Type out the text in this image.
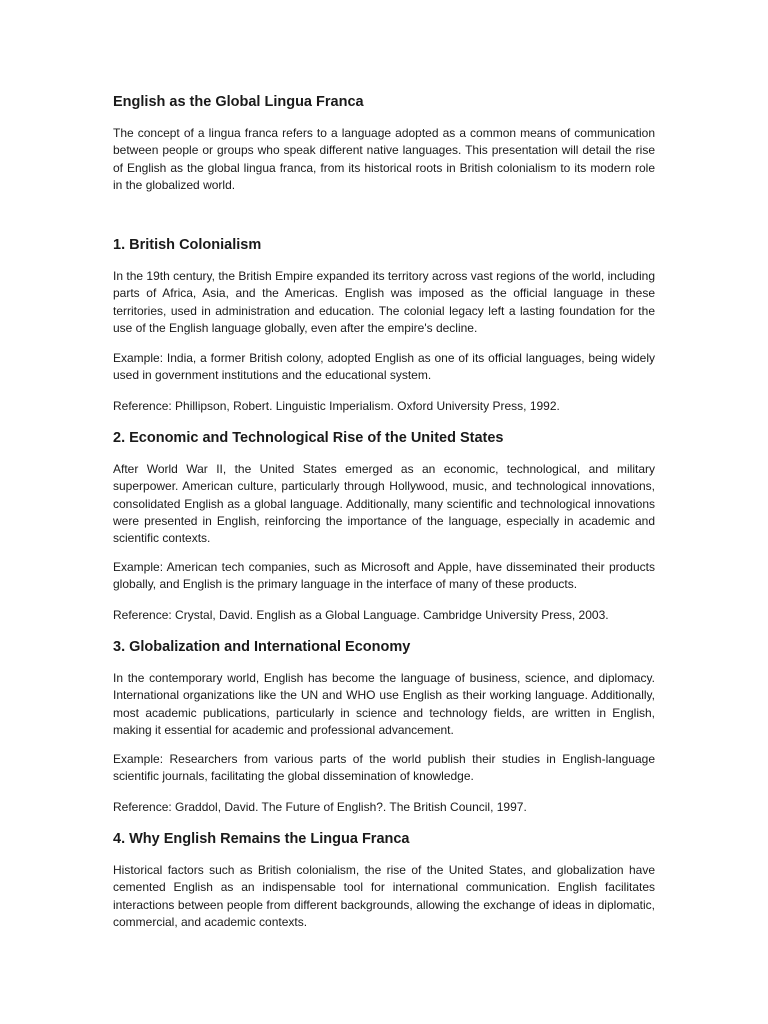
English as the Global Lingua Franca

The concept of a lingua franca refers to a language adopted as a common means of communication between people or groups who speak different native languages. This presentation will detail the rise of English as the global lingua franca, from its historical roots in British colonialism to its modern role in the globalized world.

1. British Colonialism

In the 19th century, the British Empire expanded its territory across vast regions of the world, including parts of Africa, Asia, and the Americas. English was imposed as the official language in these territories, used in administration and education. The colonial legacy left a lasting foundation for the use of the English language globally, even after the empire's decline.

Example: India, a former British colony, adopted English as one of its official languages, being widely used in government institutions and the educational system.

Reference: Phillipson, Robert. Linguistic Imperialism. Oxford University Press, 1992.

2. Economic and Technological Rise of the United States

After World War II, the United States emerged as an economic, technological, and military superpower. American culture, particularly through Hollywood, music, and technological innovations, consolidated English as a global language. Additionally, many scientific and technological innovations were presented in English, reinforcing the importance of the language, especially in academic and scientific contexts.

Example: American tech companies, such as Microsoft and Apple, have disseminated their products globally, and English is the primary language in the interface of many of these products.

Reference: Crystal, David. English as a Global Language. Cambridge University Press, 2003.

3. Globalization and International Economy

In the contemporary world, English has become the language of business, science, and diplomacy. International organizations like the UN and WHO use English as their working language. Additionally, most academic publications, particularly in science and technology fields, are written in English, making it essential for academic and professional advancement.

Example: Researchers from various parts of the world publish their studies in English-language scientific journals, facilitating the global dissemination of knowledge.

Reference: Graddol, David. The Future of English?. The British Council, 1997.

4. Why English Remains the Lingua Franca

Historical factors such as British colonialism, the rise of the United States, and globalization have cemented English as an indispensable tool for international communication. English facilitates interactions between people from different backgrounds, allowing the exchange of ideas in diplomatic, commercial, and academic contexts.
